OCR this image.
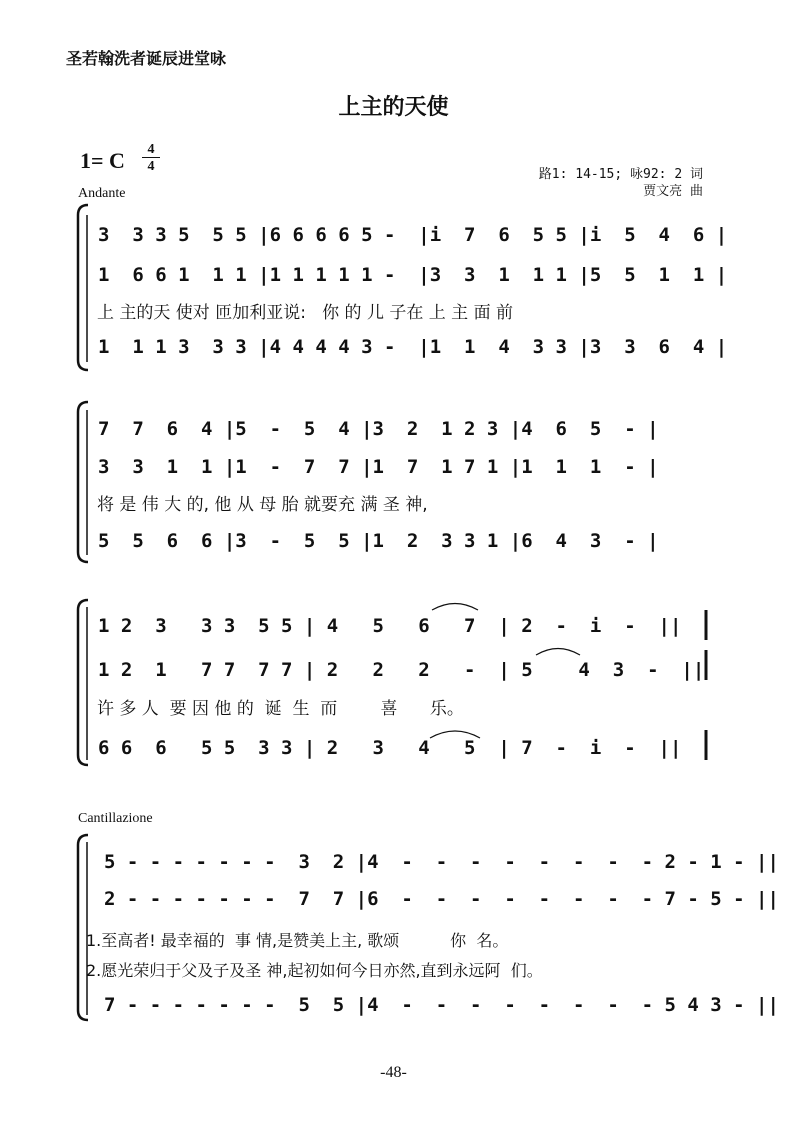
圣若翰洗者诞辰进堂咏
上主的天使
1= C	4
4
Andante
路1: 14-15; 咏92: 2 词
贾文亮 曲
3  3 3 5  5 5 |6 6 6 6 5 -  |i  7  6  5 5 |i  5  4  6 |
1  6 6 1  1 1 |1 1 1 1 1 -  |3  3  1  1 1 |5  5  1  1 |
上 主的天 使对 匝加利亚说:   你 的 儿 子在 上 主 面 前
1  1 1 3  3 3 |4 4 4 4 3 -  |1  1  4  3 3 |3  3  6  4 |
7  7  6  4 |5  -  5  4 |3  2  1 2 3 |4  6  5  - |
3  3  1  1 |1  -  7  7 |1  7  1 7 1 |1  1  1  - |
将 是 伟 大 的, 他 从 母 胎 就要充 满 圣 神,
5  5  6  6 |3  -  5  5 |1  2  3 3 1 |6  4  3  - |
1 2  3   3 3  5 5 | 4   5   6   7  | 2  -  i  -  ||
1 2  1   7 7  7 7 | 2   2   2   -  | 5    4  3  -  ||
许 多 人  要 因 他 的  诞  生  而        喜      乐。
6 6  6   5 5  3 3 | 2   3   4   5  | 7  -  i  -  ||
Cantillazione
5 - - - - - - -  3  2 |4  -  -  -  -  -  -  -  - 2 - 1 - ||
2 - - - - - - -  7  7 |6  -  -  -  -  -  -  -  - 7 - 5 - ||
1.至高者! 最幸福的  事 情,是赞美上主, 歌颂          你  名。
2.愿光荣归于父及子及圣 神,起初如何今日亦然,直到永远阿  们。
7 - - - - - - -  5  5 |4  -  -  -  -  -  -  -  - 5 4 3 - ||
-48-
